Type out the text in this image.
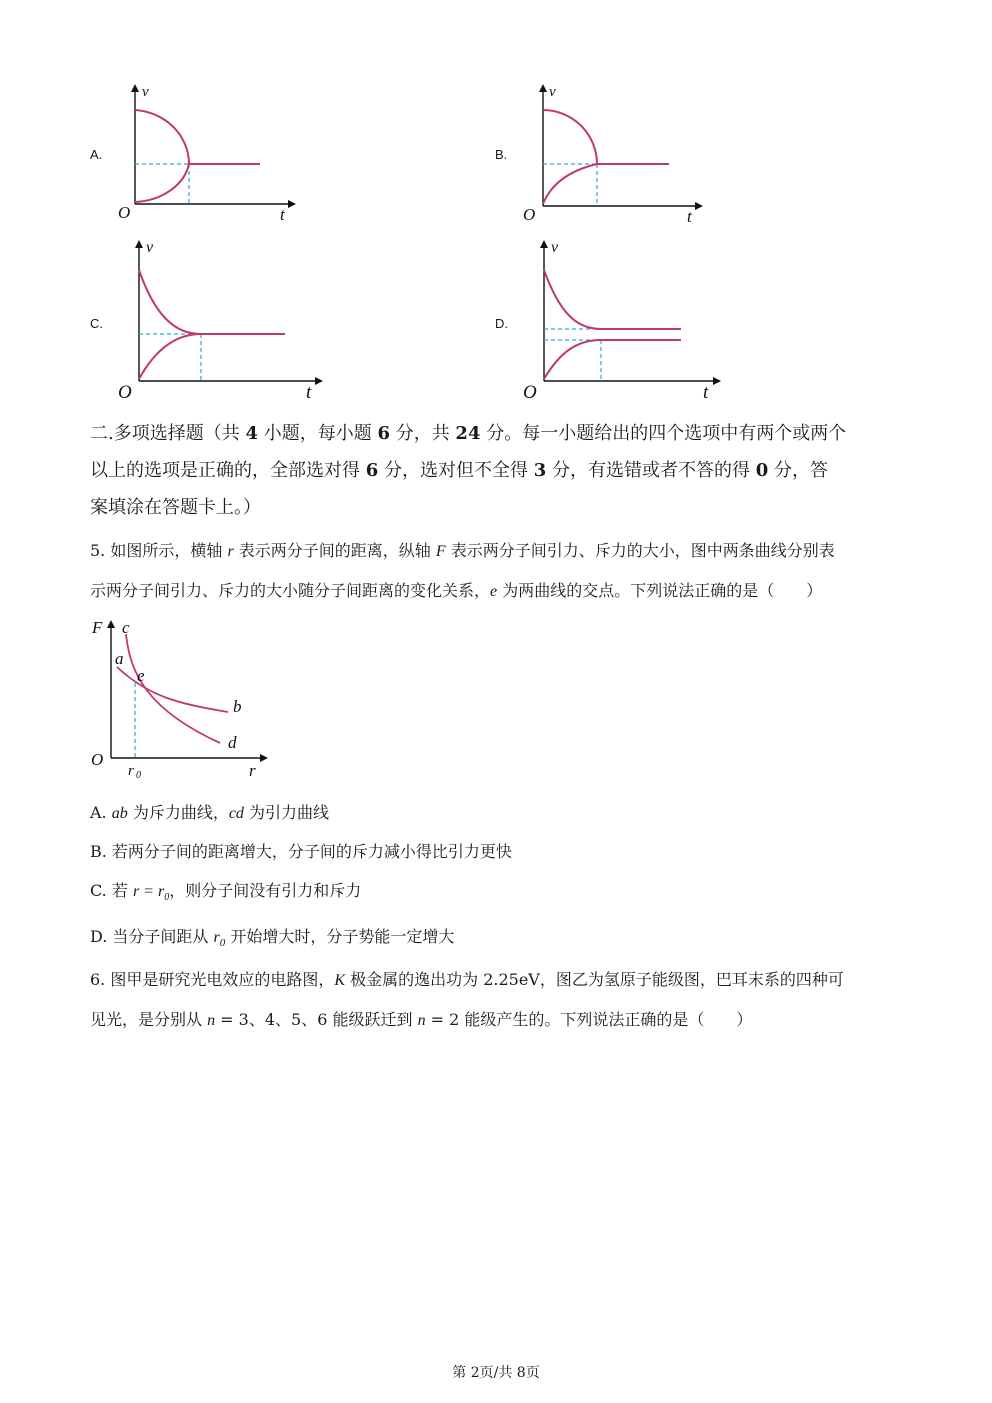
A.
v
t
O
B.
v
t
O
C.
v
t
O
D.
v
t
O
二.多项选择题（共 4 小题，每小题 6 分，共 24 分。每一小题给出的四个选项中有两个或两个
以上的选项是正确的，全部选对得 6 分，选对但不全得 3 分，有选错或者不答的得 0 分，答
案填涂在答题卡上。）
5. 如图所示，横轴 r 表示两分子间的距离，纵轴 F 表示两分子间引力、斥力的大小，图中两条曲线分别表
示两分子间引力、斥力的大小随分子间距离的变化关系，e 为两曲线的交点。下列说法正确的是（　　）
F c
a
e
b
d
O
r 0	r
A. ab 为斥力曲线，cd 为引力曲线
B. 若两分子间的距离增大，分子间的斥力减小得比引力更快
C. 若 $r = r_0$，则分子间没有引力和斥力
D. 当分子间距从 $r_0$ 开始增大时，分子势能一定增大
6. 图甲是研究光电效应的电路图，K 极金属的逸出功为 2.25eV，图乙为氢原子能级图，巴耳末系的四种可
见光，是分别从 n = 3、4、5、6 能级跃迁到 n = 2 能级产生的。下列说法正确的是（　　）
第 2页/共 8页
